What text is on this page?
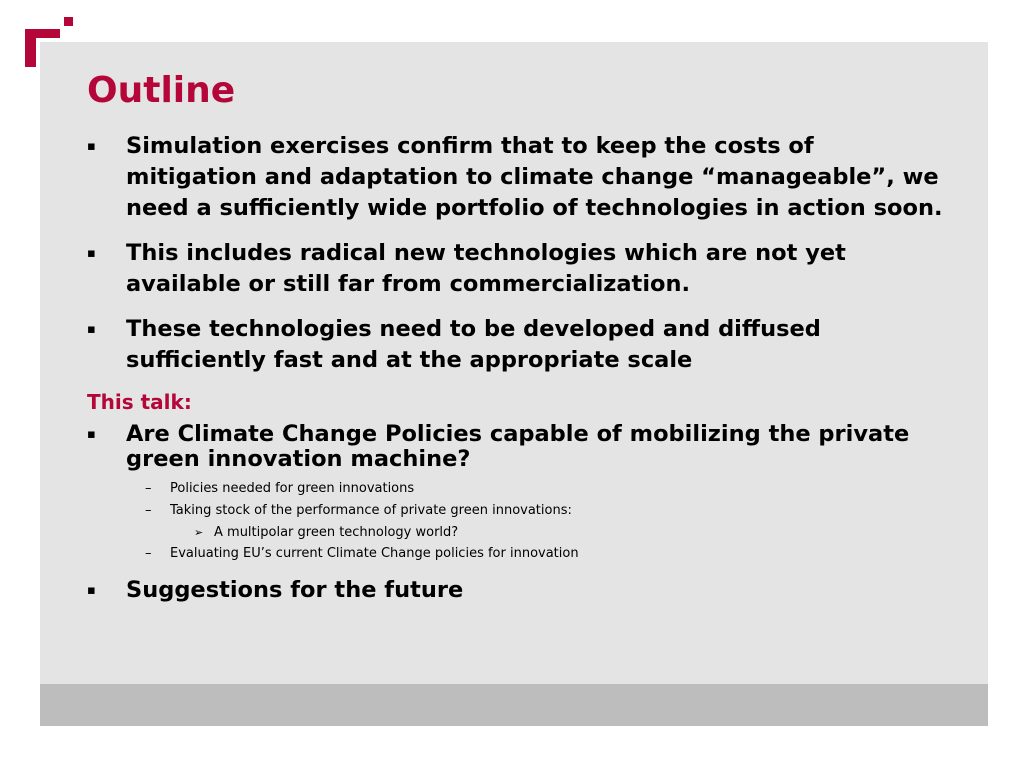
Outline
▪ Simulation exercises confirm that to keep the costs of mitigation and adaptation to climate change “manageable”, we need a sufficiently wide portfolio of technologies in action soon.
▪ This includes radical new technologies which are not yet available or still far from commercialization.
▪ These technologies need to be developed and diffused sufficiently fast and at the appropriate scale
This talk:
▪ Are Climate Change Policies capable of mobilizing the private green innovation machine?
– Policies needed for green innovations
– Taking stock of the performance of private green innovations:
➢ A multipolar green technology world?
– Evaluating EU’s current Climate Change policies for innovation
▪ Suggestions for the future
